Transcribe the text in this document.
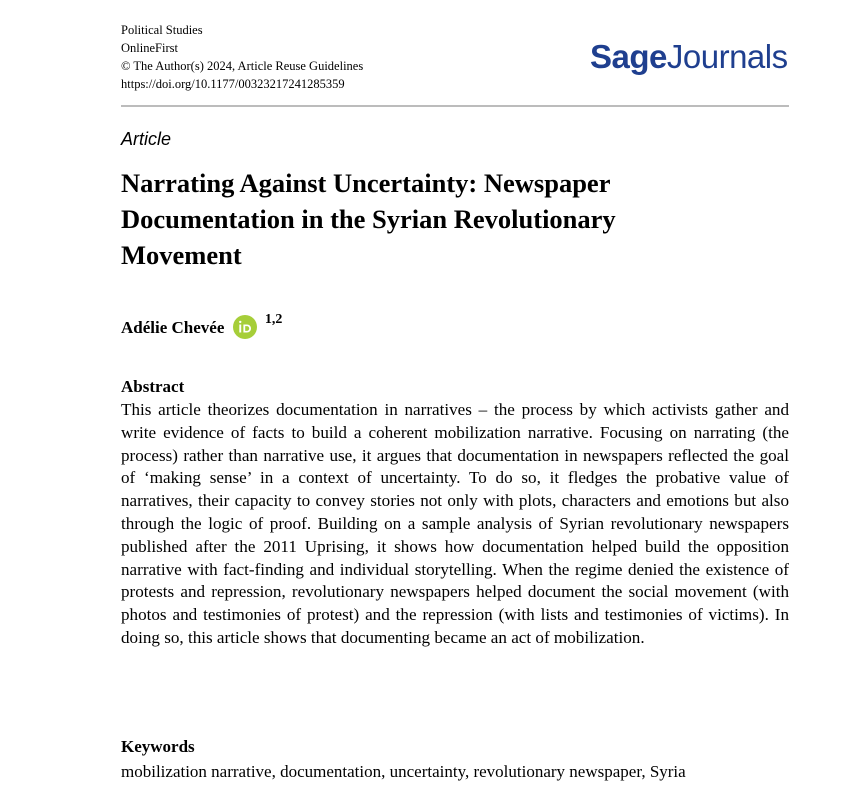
Political Studies
OnlineFirst
© The Author(s) 2024, Article Reuse Guidelines
https://doi.org/10.1177/00323217241285359
SageJournals
Article
Narrating Against Uncertainty: Newspaper
Documentation in the Syrian Revolutionary
Movement
Adélie Chevée	$^{1,2}$
Abstract
This article theorizes documentation in narratives – the process by which activists gather and write evidence of facts to build a coherent mobilization narrative. Focusing on narrating (the process) rather than narrative use, it argues that documentation in newspapers reflected the goal of ‘making sense’ in a context of uncertainty. To do so, it fledges the probative value of narratives, their capacity to convey stories not only with plots, characters and emotions but also through the logic of proof. Building on a sample analysis of Syrian revolutionary newspapers published after the 2011 Uprising, it shows how documentation helped build the opposition narrative with fact-finding and individual storytelling. When the regime denied the existence of protests and repression, revolutionary newspapers helped document the social movement (with photos and testimonies of protest) and the repression (with lists and testimonies of victims). In doing so, this article shows that documenting became an act of mobilization.
Keywords
mobilization narrative, documentation, uncertainty, revolutionary newspaper, Syria
